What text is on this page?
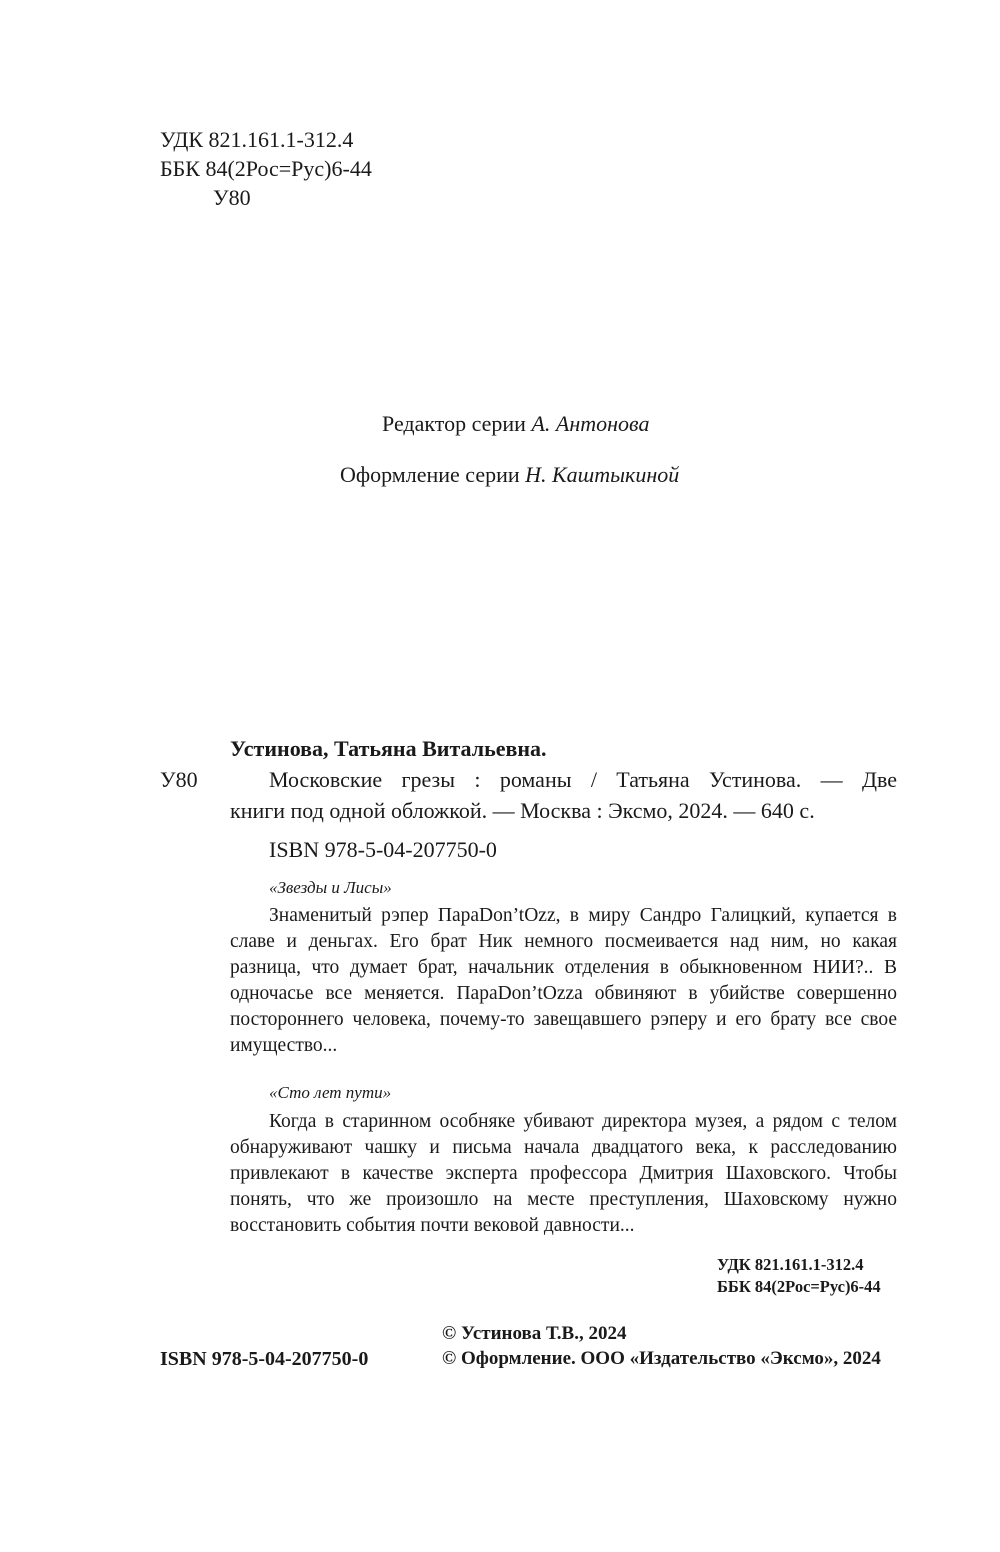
УДК 821.161.1-312.4
ББК 84(2Рос=Рус)6-44
У80
Редактор серии А. Антонова
Оформление серии Н. Каштыкиной
Устинова, Татьяна Витальевна.
У80	Московские грезы : романы / Татьяна Устинова. — Две
книги под одной обложкой. — Москва : Эксмо, 2024. — 640 с.
ISBN 978-5-04-207750-0
«Звезды и Лисы»
Знаменитый рэпер ПараDon’tOzz, в миру Сандро Галицкий, купается в славе и деньгах. Его брат Ник немного посмеивается над ним, но какая разница, что думает брат, начальник отделения в обыкновенном НИИ?.. В одночасье все меняется. ПараDon’tOzzа обвиняют в убийстве совершенно постороннего человека, почему-то завещавшего рэперу и его брату все свое имущество...
«Сто лет пути»
Когда в старинном особняке убивают директора музея, а рядом с телом обнаруживают чашку и письма начала двадцатого века, к расследованию привлекают в качестве эксперта профессора Дмитрия Шаховского. Чтобы понять, что же произошло на месте преступления, Шаховскому нужно восстановить события почти вековой давности...
УДК 821.161.1-312.4
ББК 84(2Рос=Рус)6-44
ISBN 978-5-04-207750-0
© Устинова Т.В., 2024
© Оформление. ООО «Издательство «Эксмо», 2024
